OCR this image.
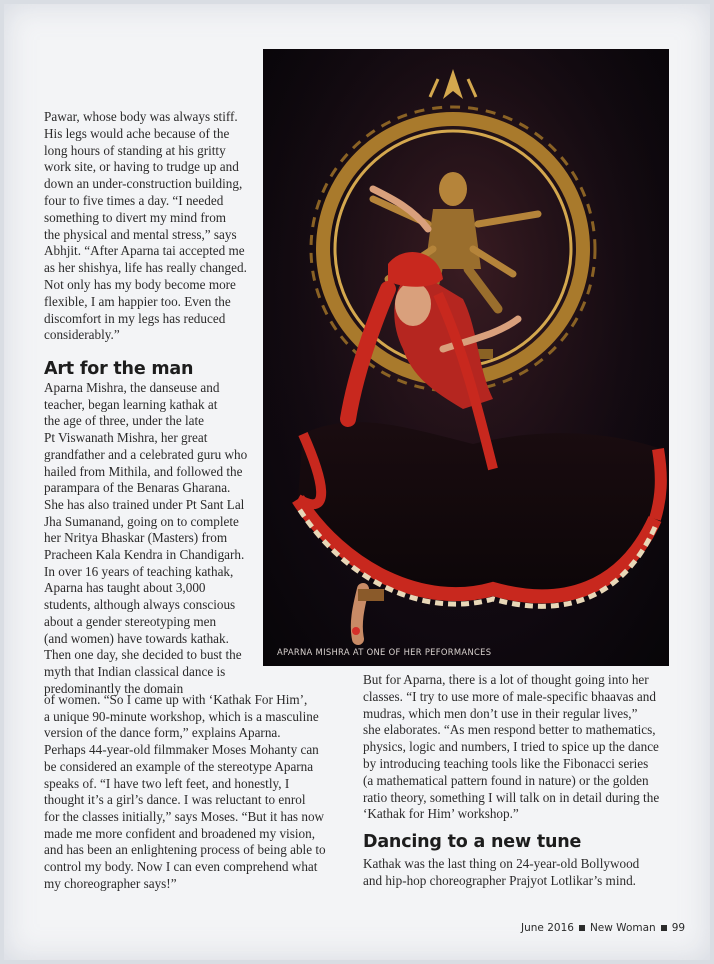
Pawar, whose body was always stiff.
His legs would ache because of the
long hours of standing at his gritty
work site, or having to trudge up and
down an under-construction building,
four to five times a day. “I needed
something to divert my mind from
the physical and mental stress,” says
Abhjit. “After Aparna tai accepted me
as her shishya, life has really changed.
Not only has my body become more
flexible, I am happier too. Even the
discomfort in my legs has reduced
considerably.”
Art for the man
Aparna Mishra, the danseuse and
teacher, began learning kathak at
the age of three, under the late
Pt Viswanath Mishra, her great
grandfather and a celebrated guru who
hailed from Mithila, and followed the
parampara of the Benaras Gharana.
She has also trained under Pt Sant Lal
Jha Sumanand, going on to complete
her Nritya Bhaskar (Masters) from
Pracheen Kala Kendra in Chandigarh.
In over 16 years of teaching kathak,
Aparna has taught about 3,000
students, although always conscious
about a gender stereotyping men
(and women) have towards kathak.
Then one day, she decided to bust the
myth that Indian classical dance is
predominantly the domain
of women. “So I came up with ‘Kathak For Him’,
a unique 90-minute workshop, which is a masculine
version of the dance form,” explains Aparna.
Perhaps 44-year-old filmmaker Moses Mohanty can
be considered an example of the stereotype Aparna
speaks of. “I have two left feet, and honestly, I
thought it’s a girl’s dance. I was reluctant to enrol
for the classes initially,” says Moses. “But it has now
made me more confident and broadened my vision,
and has been an enlightening process of being able to
control my body. Now I can even comprehend what
my choreographer says!”
But for Aparna, there is a lot of thought going into her
classes. “I try to use more of male-specific bhaavas and
mudras, which men don’t use in their regular lives,”
she elaborates. “As men respond better to mathematics,
physics, logic and numbers, I tried to spice up the dance
by introducing teaching tools like the Fibonacci series
(a mathematical pattern found in nature) or the golden
ratio theory, something I will talk on in detail during the
‘Kathak for Him’ workshop.”
Dancing to a new tune
Kathak was the last thing on 24-year-old Bollywood
and hip-hop choreographer Prajyot Lotlikar’s mind.
APARNA MISHRA AT ONE OF HER PEFORMANCES
June 2016 New Woman 99
